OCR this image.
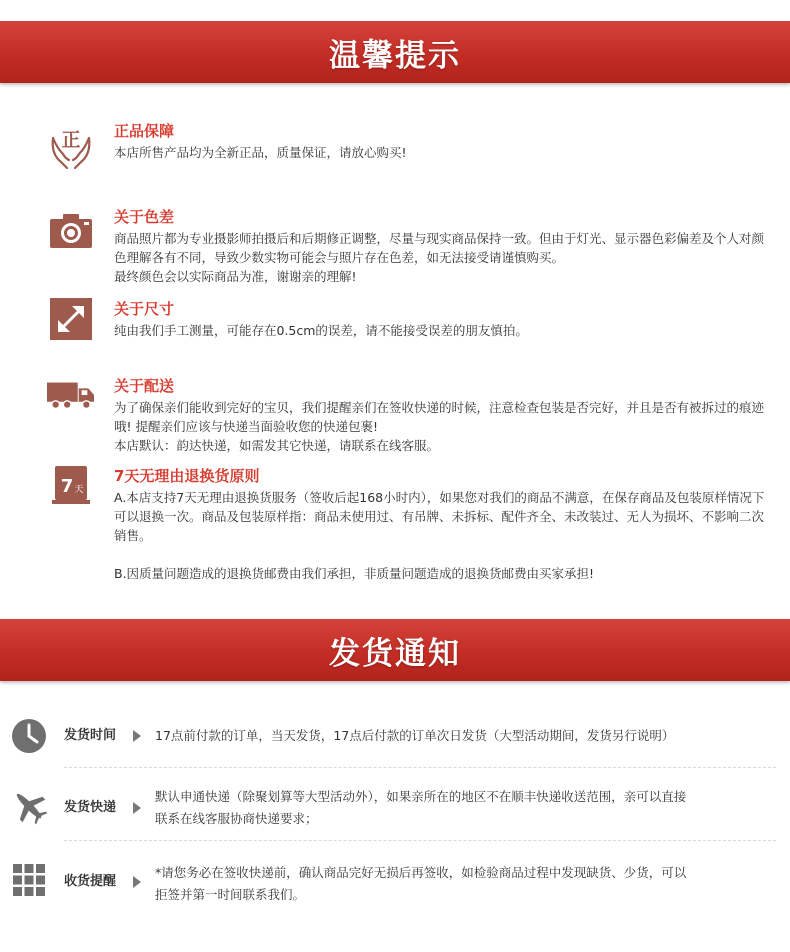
温馨提示
正 正品保障

本店所售产品均为全新正品，质量保证，请放心购买!

关于色差

商品照片都为专业摄影师拍摄后和后期修正调整，尽量与现实商品保持一致。但由于灯光、显示器色彩偏差及个人对颜色理解各有不同，导致少数实物可能会与照片存在色差，如无法接受请谨慎购买。

最终颜色会以实际商品为准，谢谢亲的理解!

关于尺寸

纯由我们手工测量，可能存在0.5cm的误差，请不能接受误差的朋友慎拍。

关于配送

为了确保亲们能收到完好的宝贝，我们提醒亲们在签收快递的时候，注意检查包装是否完好，并且是否有被拆过的痕迹哦! 提醒亲们应该与快递当面验收您的快递包裹!

本店默认：韵达快递，如需发其它快递，请联系在线客服。

7 天
7天无理由退换货原则

A.本店支持7天无理由退换货服务（签收后起168小时内），如果您对我们的商品不满意，在保存商品及包装原样情况下可以退换一次。商品及包装原样指：商品未使用过、有吊牌、未拆标、配件齐全、未改装过、无人为损坏、不影响二次销售。

B.因质量问题造成的退换货邮费由我们承担，非质量问题造成的退换货邮费由买家承担!

发货通知
发货时间	17点前付款的订单，当天发货，17点后付款的订单次日发货（大型活动期间，发货另行说明）

发货快递
默认申通快递（除聚划算等大型活动外），如果亲所在的地区不在顺丰快递收送范围，亲可以直接
联系在线客服协商快递要求；
收货提醒
*请您务必在签收快递前，确认商品完好无损后再签收，如检验商品过程中发现缺货、少货，可以
拒签并第一时间联系我们。
